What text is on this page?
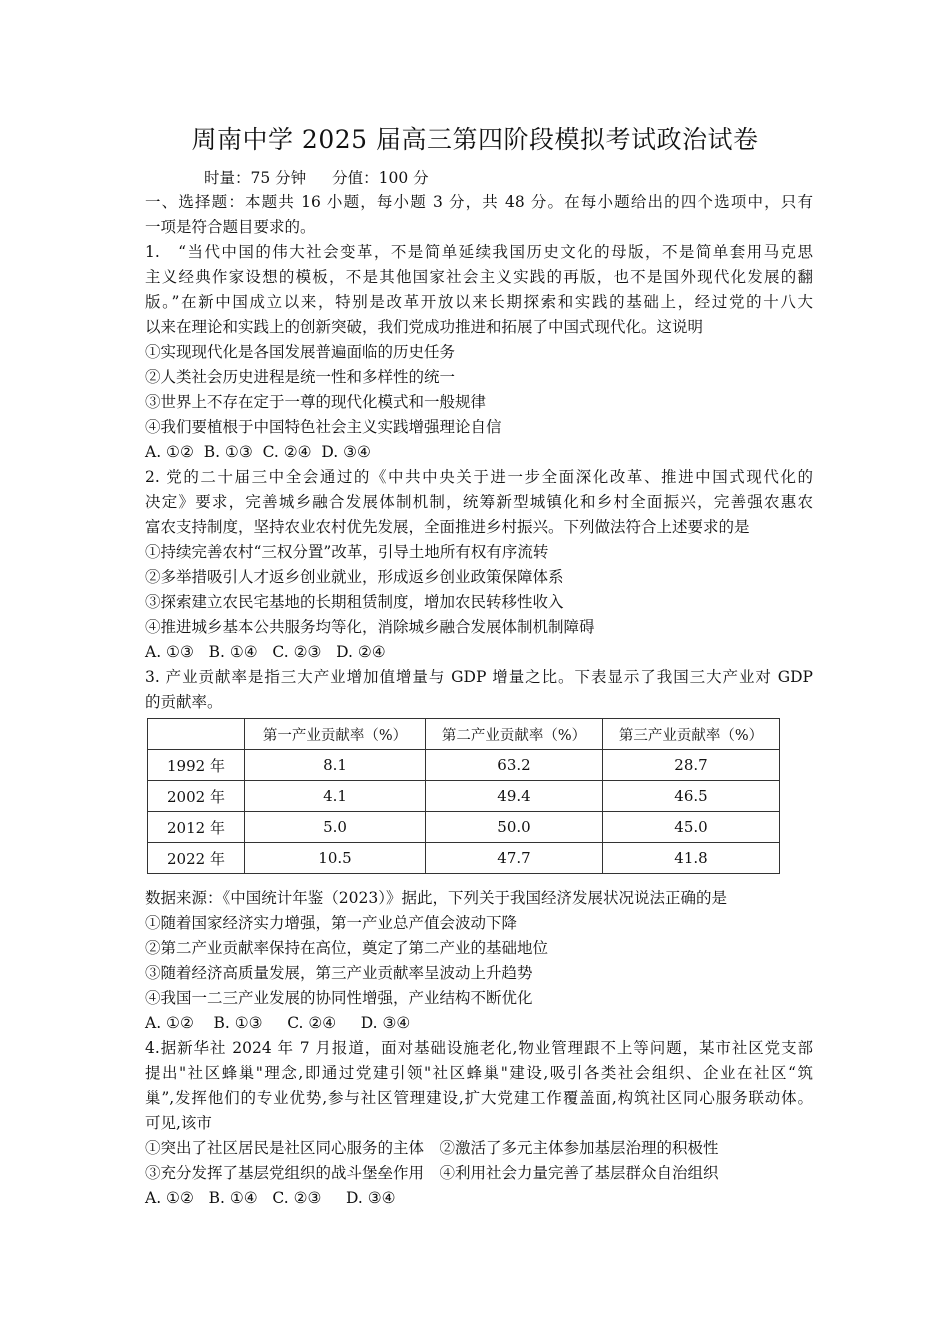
周南中学 2025 届高三第四阶段模拟考试政治试卷
时量：75 分钟 分值：100 分
一、选择题：本题共 16 小题，每小题 3 分，共 48 分。在每小题给出的四个选项中，只有
一项是符合题目要求的。
1.　“当代中国的伟大社会变革，不是简单延续我国历史文化的母版，不是简单套用马克思
主义经典作家设想的模板，不是其他国家社会主义实践的再版，也不是国外现代化发展的翻
版。”在新中国成立以来，特别是改革开放以来长期探索和实践的基础上，经过党的十八大
以来在理论和实践上的创新突破，我们党成功推进和拓展了中国式现代化。这说明
①实现现代化是各国发展普遍面临的历史任务
②人类社会历史进程是统一性和多样性的统一
③世界上不存在定于一尊的现代化模式和一般规律
④我们要植根于中国特色社会主义实践增强理论自信
A. ①②  B. ①③  C. ②④  D. ③④
2. 党的二十届三中全会通过的《中共中央关于进一步全面深化改革、推进中国式现代化的
决定》要求，完善城乡融合发展体制机制，统筹新型城镇化和乡村全面振兴，完善强农惠农
富农支持制度，坚持农业农村优先发展，全面推进乡村振兴。下列做法符合上述要求的是
①持续完善农村“三权分置”改革，引导土地所有权有序流转
②多举措吸引人才返乡创业就业，形成返乡创业政策保障体系
③探索建立农民宅基地的长期租赁制度，增加农民转移性收入
④推进城乡基本公共服务均等化，消除城乡融合发展体制机制障碍
A. ①③   B. ①④   C. ②③   D. ②④
3. 产业贡献率是指三大产业增加值增量与 GDP 增量之比。下表显示了我国三大产业对 GDP
的贡献率。
	第一产业贡献率（%）	第二产业贡献率（%）	第三产业贡献率（%）
1992 年	8.1	63.2	28.7
2002 年	4.1	49.4	46.5
2012 年	5.0	50.0	45.0
2022 年	10.5	47.7	41.8
数据来源：《中国统计年鉴（2023）》据此，下列关于我国经济发展状况说法正确的是
①随着国家经济实力增强，第一产业总产值会波动下降
②第二产业贡献率保持在高位，奠定了第二产业的基础地位
③随着经济高质量发展，第三产业贡献率呈波动上升趋势
④我国一二三产业发展的协同性增强，产业结构不断优化
A. ①②    B. ①③     C. ②④     D. ③④
4.据新华社 2024 年 7 月报道，面对基础设施老化,物业管理跟不上等问题，某市社区党支部
提出"社区蜂巢"理念,即通过党建引领"社区蜂巢"建设,吸引各类社会组织、企业在社区“筑
巢”,发挥他们的专业优势,参与社区管理建设,扩大党建工作覆盖面,构筑社区同心服务联动体。
可见,该市
①突出了社区居民是社区同心服务的主体　②激活了多元主体参加基层治理的积极性
③充分发挥了基层党组织的战斗堡垒作用　④利用社会力量完善了基层群众自治组织
A. ①②   B. ①④   C. ②③     D. ③④
